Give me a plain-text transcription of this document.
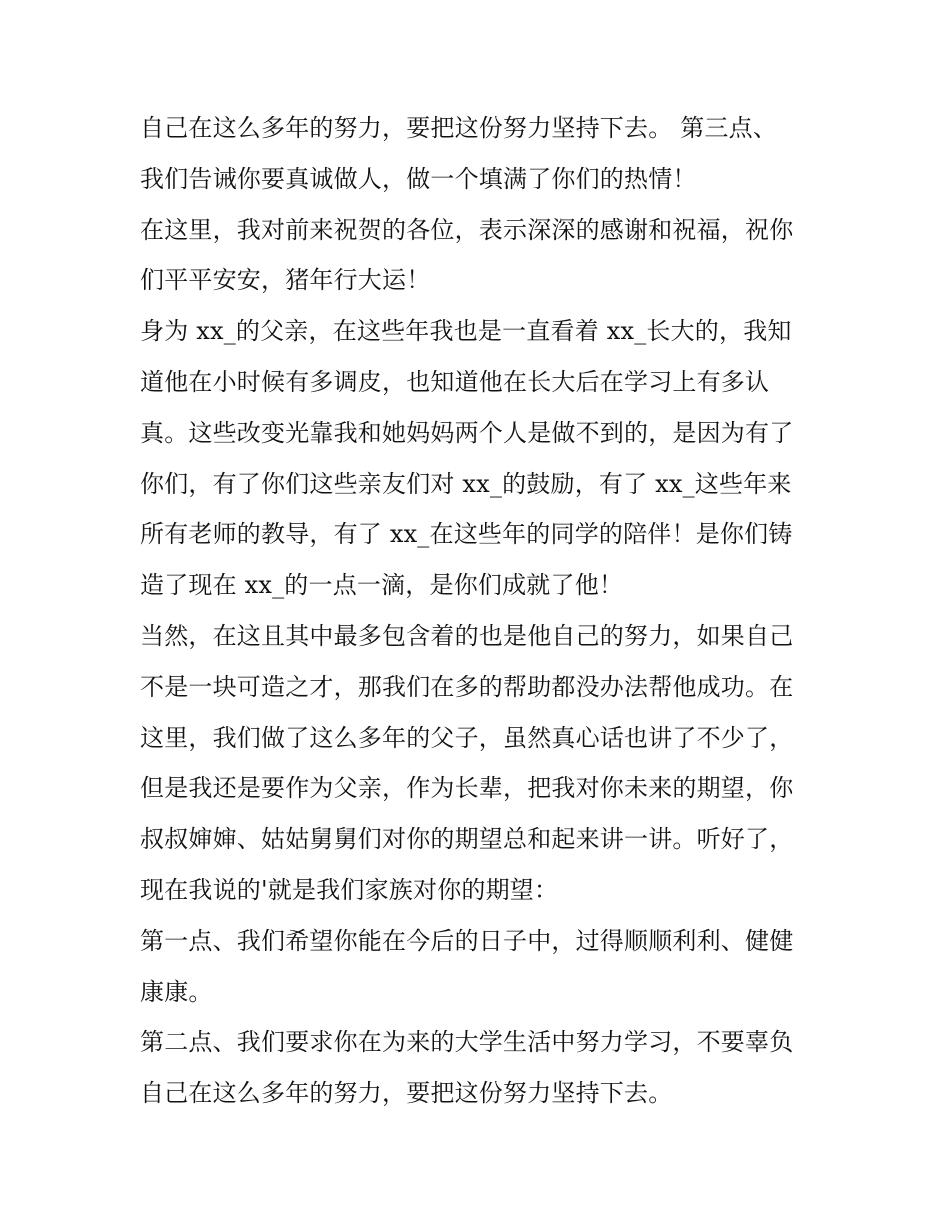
自己在这么多年的努力，要把这份努力坚持下去。 第三点、
我们告诫你要真诚做人，做一个填满了你们的热情！
在这里，我对前来祝贺的各位，表示深深的感谢和祝福，祝你
们平平安安，猪年行大运！
身为 xx_的父亲，在这些年我也是一直看着 xx_长大的，我知
道他在小时候有多调皮，也知道他在长大后在学习上有多认
真。这些改变光靠我和她妈妈两个人是做不到的，是因为有了
你们，有了你们这些亲友们对 xx_的鼓励，有了 xx_这些年来
所有老师的教导，有了 xx_在这些年的同学的陪伴！是你们铸
造了现在 xx_的一点一滴，是你们成就了他！
当然，在这且其中最多包含着的也是他自己的努力，如果自己
不是一块可造之才，那我们在多的帮助都没办法帮他成功。在
这里，我们做了这么多年的父子，虽然真心话也讲了不少了，
但是我还是要作为父亲，作为长辈，把我对你未来的期望，你
叔叔婶婶、姑姑舅舅们对你的期望总和起来讲一讲。听好了，
现在我说的'就是我们家族对你的期望：
第一点、我们希望你能在今后的日子中，过得顺顺利利、健健
康康。
第二点、我们要求你在为来的大学生活中努力学习，不要辜负
自己在这么多年的努力，要把这份努力坚持下去。
